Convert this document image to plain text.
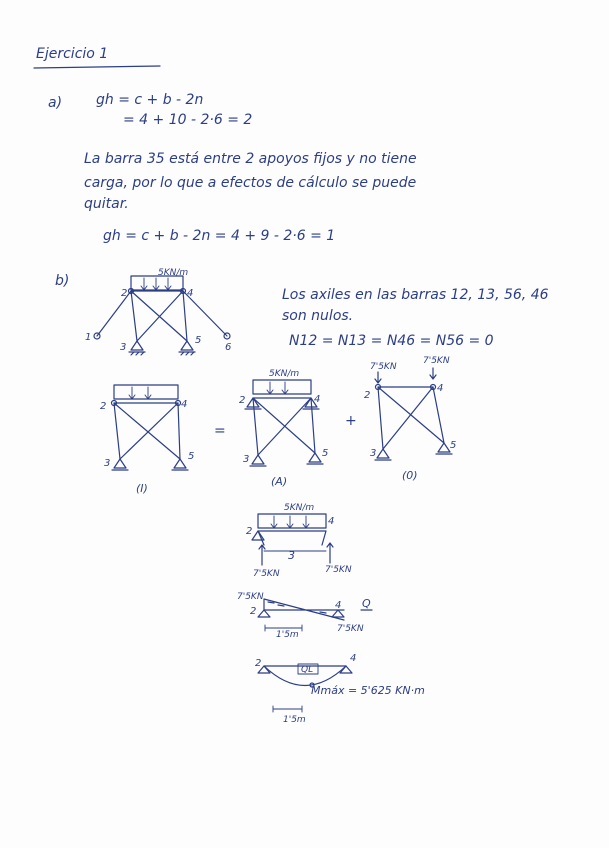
Ejercicio 1
a) gh = c + b - 2n
= 4 + 10 - 2·6 = 2
La barra 35 está entre 2 apoyos fijos y no tiene
carga, por lo que a efectos de cálculo se puede
quitar.
gh = c + b - 2n = 4 + 9 - 2·6 = 1
b)	5KN/m
1
2
3
4
5
6
Los axiles en las barras 12, 13, 56, 46
son nulos.
N12 = N13 = N46 = N56 = 0
2	4
3
5
(I)
=
5KN/m
2	4
3
5
(A)
+
7'5KN
7'5KN
2
4
3
5
(0)
5KN/m
2
4
3
7'5KN	7'5KN
7'5KN
2
4 Q
7'5KN
1'5m
QL
2	4
Mmáx = 5'625 KN·m
1'5m
